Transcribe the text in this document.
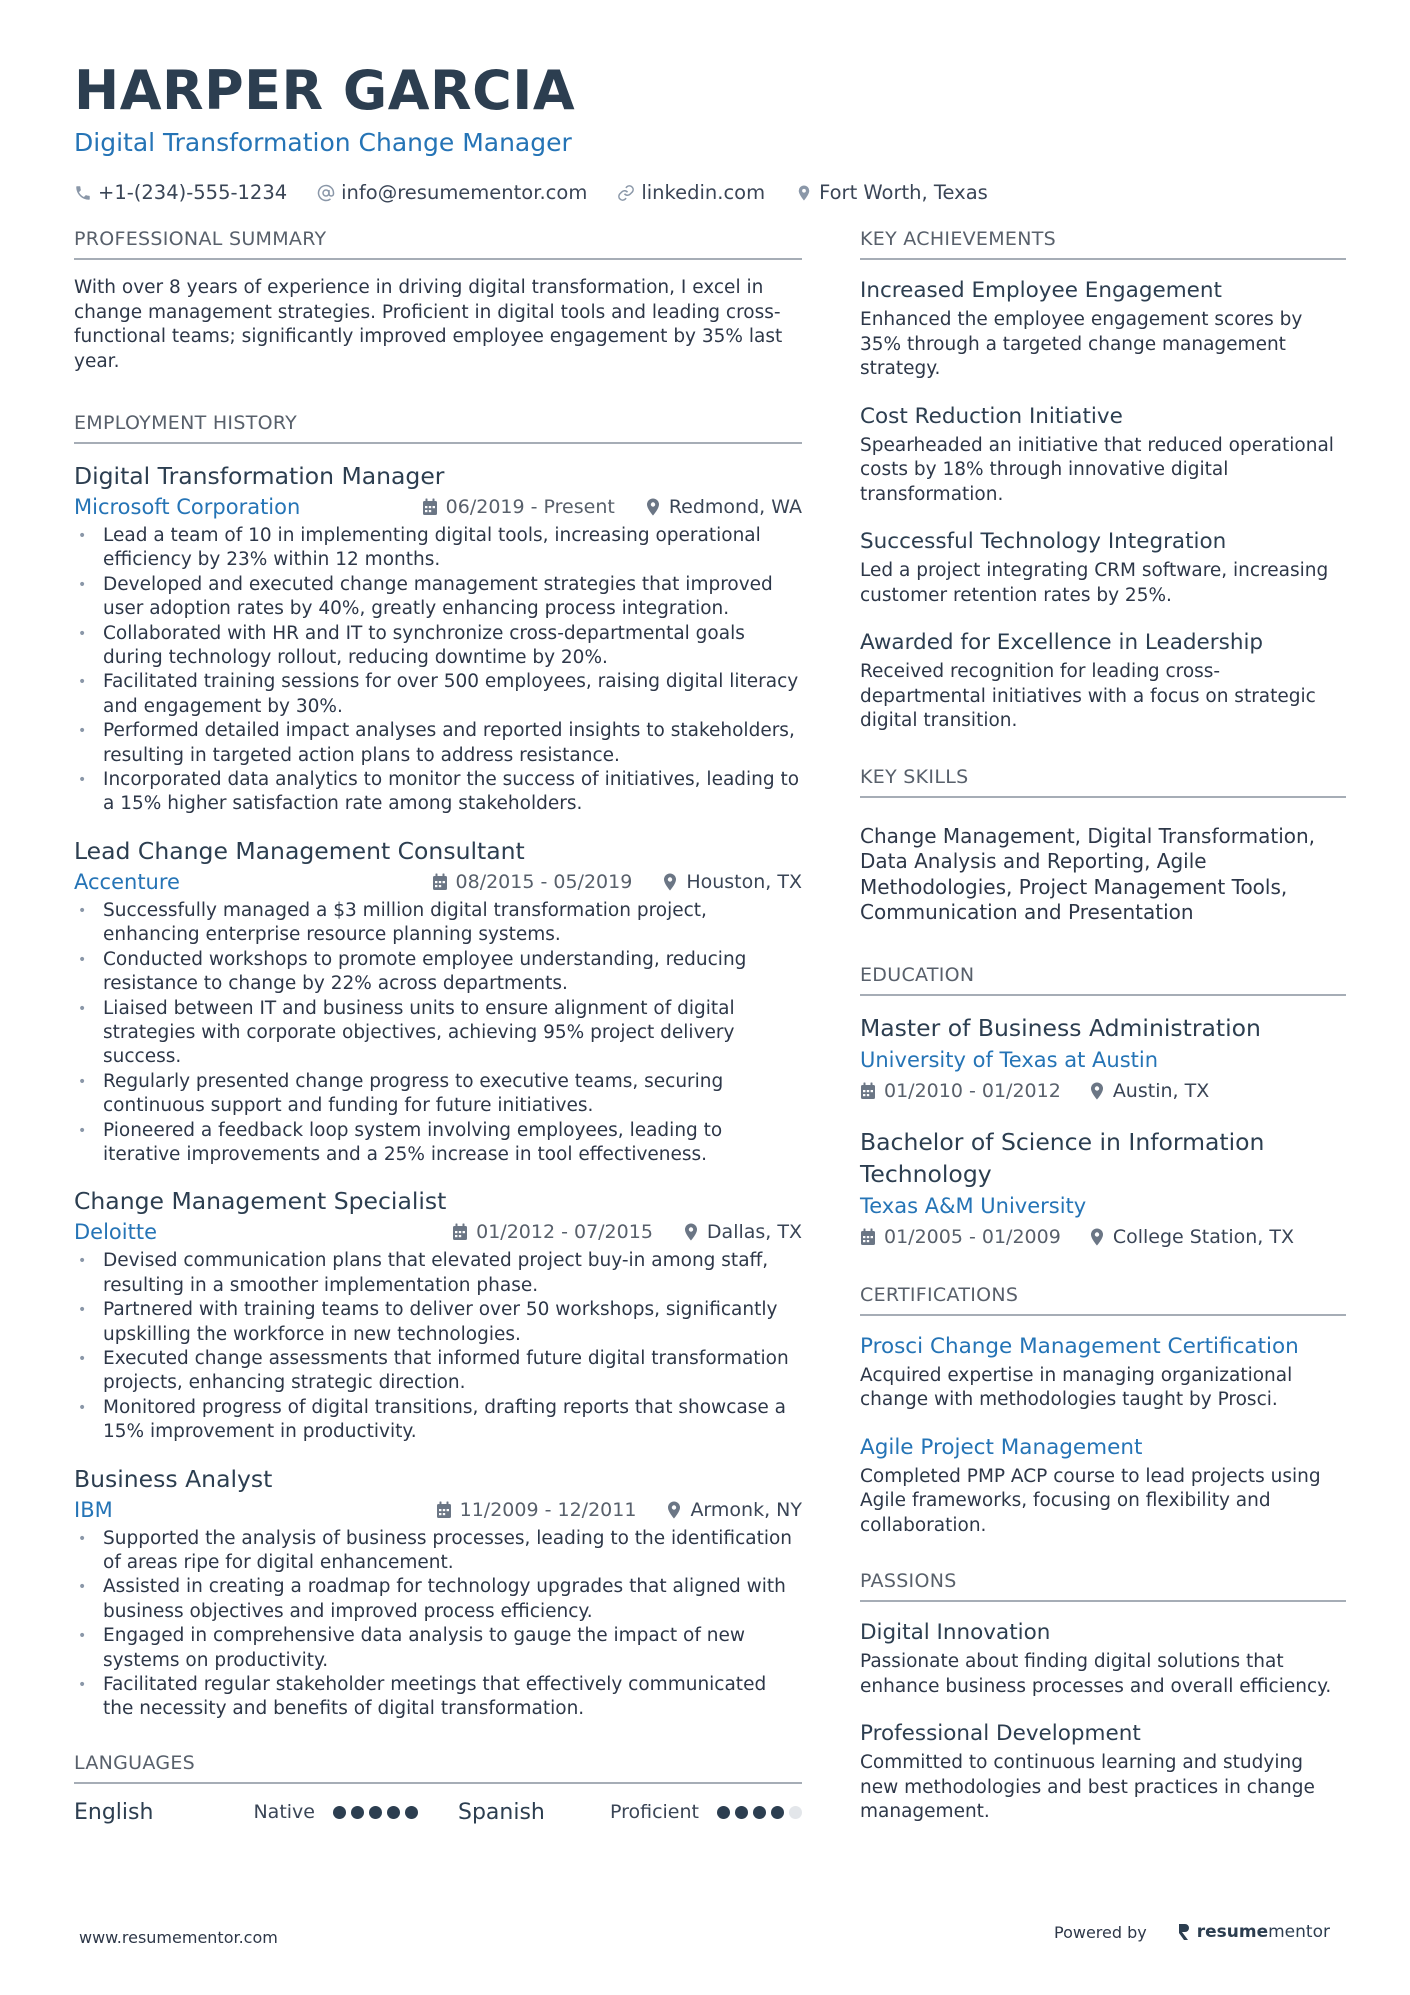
HARPER GARCIA
Digital Transformation Change Manager
+1-(234)-555-1234	info@resumementor.com	linkedin.com	Fort Worth, Texas
PROFESSIONAL SUMMARY
With over 8 years of experience in driving digital transformation, I excel in change management strategies. Proficient in digital tools and leading cross-functional teams; significantly improved employee engagement by 35% last year.
EMPLOYMENT HISTORY
Digital Transformation Manager
Microsoft Corporation	06/2019 - Present	Redmond, WA
• Lead a team of 10 in implementing digital tools, increasing operational efficiency by 23% within 12 months.
• Developed and executed change management strategies that improved user adoption rates by 40%, greatly enhancing process integration.
• Collaborated with HR and IT to synchronize cross-departmental goals during technology rollout, reducing downtime by 20%.
• Facilitated training sessions for over 500 employees, raising digital literacy and engagement by 30%.
• Performed detailed impact analyses and reported insights to stakeholders, resulting in targeted action plans to address resistance.
• Incorporated data analytics to monitor the success of initiatives, leading to a 15% higher satisfaction rate among stakeholders.
Lead Change Management Consultant
Accenture	08/2015 - 05/2019	Houston, TX
• Successfully managed a $3 million digital transformation project, enhancing enterprise resource planning systems.
• Conducted workshops to promote employee understanding, reducing resistance to change by 22% across departments.
• Liaised between IT and business units to ensure alignment of digital strategies with corporate objectives, achieving 95% project delivery success.
• Regularly presented change progress to executive teams, securing continuous support and funding for future initiatives.
• Pioneered a feedback loop system involving employees, leading to iterative improvements and a 25% increase in tool effectiveness.
Change Management Specialist
Deloitte	01/2012 - 07/2015	Dallas, TX
• Devised communication plans that elevated project buy-in among staff, resulting in a smoother implementation phase.
• Partnered with training teams to deliver over 50 workshops, significantly upskilling the workforce in new technologies.
• Executed change assessments that informed future digital transformation projects, enhancing strategic direction.
• Monitored progress of digital transitions, drafting reports that showcase a 15% improvement in productivity.
Business Analyst
IBM	11/2009 - 12/2011	Armonk, NY
• Supported the analysis of business processes, leading to the identification of areas ripe for digital enhancement.
• Assisted in creating a roadmap for technology upgrades that aligned with business objectives and improved process efficiency.
• Engaged in comprehensive data analysis to gauge the impact of new systems on productivity.
• Facilitated regular stakeholder meetings that effectively communicated the necessity and benefits of digital transformation.
LANGUAGES
English	Native	Spanish	Proficient
KEY ACHIEVEMENTS
Increased Employee Engagement
Enhanced the employee engagement scores by 35% through a targeted change management strategy.
Cost Reduction Initiative
Spearheaded an initiative that reduced operational costs by 18% through innovative digital transformation.
Successful Technology Integration
Led a project integrating CRM software, increasing customer retention rates by 25%.
Awarded for Excellence in Leadership
Received recognition for leading cross-departmental initiatives with a focus on strategic digital transition.
KEY SKILLS
Change Management, Digital Transformation, Data Analysis and Reporting, Agile Methodologies, Project Management Tools, Communication and Presentation
EDUCATION
Master of Business Administration
University of Texas at Austin
01/2010 - 01/2012	Austin, TX
Bachelor of Science in Information Technology
Texas A&M University
01/2005 - 01/2009	College Station, TX
CERTIFICATIONS
Prosci Change Management Certification
Acquired expertise in managing organizational change with methodologies taught by Prosci.
Agile Project Management
Completed PMP ACP course to lead projects using Agile frameworks, focusing on flexibility and collaboration.
PASSIONS
Digital Innovation
Passionate about finding digital solutions that enhance business processes and overall efficiency.
Professional Development
Committed to continuous learning and studying new methodologies and best practices in change management.
www.resumementor.com	Powered by	resumementor
